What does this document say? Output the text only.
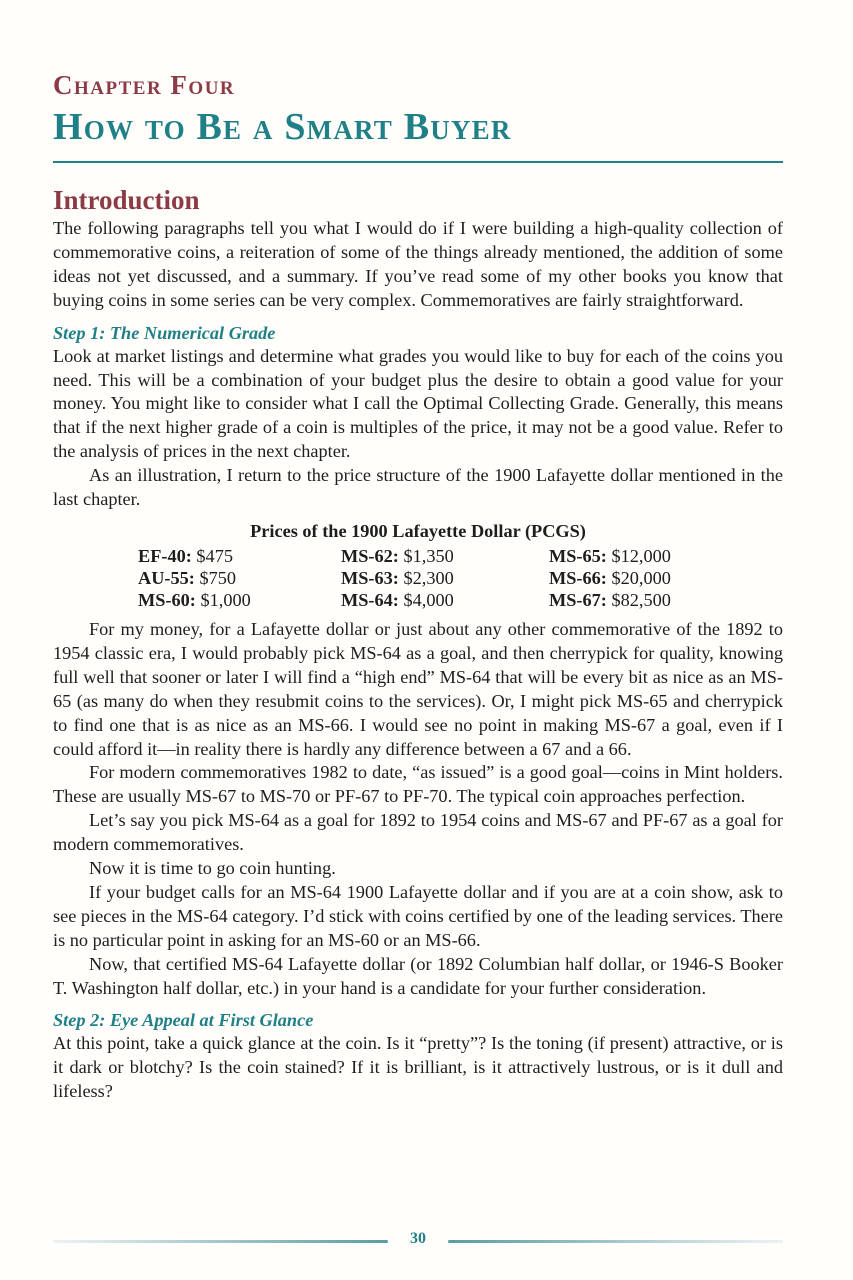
Chapter Four
How to Be a Smart Buyer
Introduction

The following paragraphs tell you what I would do if I were building a high-quality collection of commemorative coins, a reiteration of some of the things already mentioned, the addition of some ideas not yet discussed, and a summary. If you’ve read some of my other books you know that buying coins in some series can be very complex. Commemoratives are fairly straightforward.

Step 1: The Numerical Grade

Look at market listings and determine what grades you would like to buy for each of the coins you need. This will be a combination of your budget plus the desire to obtain a good value for your money. You might like to consider what I call the Optimal Collecting Grade. Generally, this means that if the next higher grade of a coin is multiples of the price, it may not be a good value. Refer to the analysis of prices in the next chapter.

As an illustration, I return to the price structure of the 1900 Lafayette dollar mentioned in the last chapter.

Prices of the 1900 Lafayette Dollar (PCGS)
EF-40: $475	MS-62: $1,350	MS-65: $12,000
AU-55: $750	MS-63: $2,300	MS-66: $20,000
MS-60: $1,000	MS-64: $4,000	MS-67: $82,500

For my money, for a Lafayette dollar or just about any other commemorative of the 1892 to 1954 classic era, I would probably pick MS-64 as a goal, and then cherrypick for quality, knowing full well that sooner or later I will find a “high end” MS-64 that will be every bit as nice as an MS-65 (as many do when they resubmit coins to the services). Or, I might pick MS-65 and cherrypick to find one that is as nice as an MS-66. I would see no point in making MS-67 a goal, even if I could afford it—in reality there is hardly any difference between a 67 and a 66.

For modern commemoratives 1982 to date, “as issued” is a good goal—coins in Mint holders. These are usually MS-67 to MS-70 or PF-67 to PF-70. The typical coin approaches perfection.

Let’s say you pick MS-64 as a goal for 1892 to 1954 coins and MS-67 and PF-67 as a goal for modern commemoratives.

Now it is time to go coin hunting.

If your budget calls for an MS-64 1900 Lafayette dollar and if you are at a coin show, ask to see pieces in the MS-64 category. I’d stick with coins certified by one of the leading services. There is no particular point in asking for an MS-60 or an MS-66.

Now, that certified MS-64 Lafayette dollar (or 1892 Columbian half dollar, or 1946-S Booker T. Washington half dollar, etc.) in your hand is a candidate for your further consideration.

Step 2: Eye Appeal at First Glance

At this point, take a quick glance at the coin. Is it “pretty”? Is the toning (if present) attractive, or is it dark or blotchy? Is the coin stained? If it is brilliant, is it attractively lustrous, or is it dull and lifeless?

30
